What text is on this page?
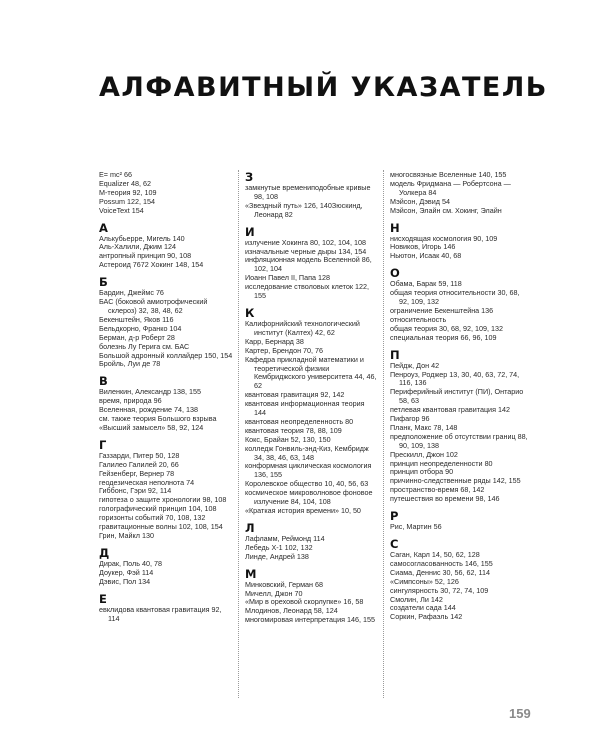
АЛФАВИТНЫЙ УКАЗАТЕЛЬ

E= mc² 66

Equalizer 48, 62

M-теория 92, 109

Possum 122, 154

VoiceText 154

А

Алькубьерре, Мигель 140

Аль-Халили, Джим 124

антропный принцип 90, 108

Астероид 7672 Хокинг 148, 154

Б

Бардин, Джеймс 76

БАС (боковой амиотрофический склероз) 32, 38, 48, 62

Бекенштейн, Яков 116

Бельдкорно, Франко 104

Берман, д-р Роберт 28

болезнь Лу Герига см. БАС

Большой адронный коллайдер 150, 154

Бройль, Луи де 78

В

Виленкин, Александр 138, 155

время, природа 96

Вселенная, рождение 74, 138

см. также теория Большого взрыва

«Высший замысел» 58, 92, 124

Г

Газзарди, Питер 50, 128

Галилео Галилей 20, 66

Гейзенберг, Вернер 78

геодезическая неполнота 74

Гиббонс, Гэри 92, 114

гипотеза о защите хронологии 98, 108

голографический принцип 104, 108

горизонты событий 70, 108, 132

гравитационные волны 102, 108, 154

Грин, Майкл 130

Д

Дирак, Поль 40, 78

Доукер, Фэй 114

Дэвис, Пол 134

Е

евклидова квантовая гравитация 92, 114

З

замкнутые времениподобные кривые 98, 108

«Звездный путь» 126, 140Зюскинд, Леонард 82

И

излучение Хокинга 80, 102, 104, 108

изначальные черные дыры 134, 154

инфляционная модель Вселенной 86, 102, 104

Иоанн Павел II, Папа 128

исследование стволовых клеток 122, 155

К

Калифорнийский технологический институт (Калтех) 42, 62

Карр, Бернард 38

Картер, Брендон 70, 76

Кафедра прикладной математики и теоретической физики Кембриджского университета 44, 46, 62

квантовая гравитация 92, 142

квантовая информационная теория 144

квантовая неопределенность 80

квантовая теория 78, 88, 109

Кокс, Брайан 52, 130, 150

колледж Гонвиль-энд-Киз, Кембридж 34, 38, 46, 63, 148

конформная циклическая космология 136, 155

Королевское общество 10, 40, 56, 63

космическое микроволновое фоновое излучение 84, 104, 108

«Краткая история времени» 10, 50

Л

Лафламм, Реймонд 114

Лебедь X-1 102, 132

Линде, Андрей 138

М

Минковский, Герман 68

Мичелл, Джон 70

«Мир в ореховой скорлупке» 16, 58

Млодинов, Леонард 58, 124

многомировая интерпретация 146, 155

многосвязные Вселенные 140, 155

модель Фридмана — Робертсона — Уолкера 84

Мэйсон, Дэвид 54

Мэйсон, Элайн см. Хокинг, Элайн

Н

нисходящая космология 90, 109

Новиков, Игорь 146

Ньютон, Исаак 40, 68

О

Обама, Барак 59, 118

общая теория относительности 30, 68, 92, 109, 132

ограничение Бекенштейна 136

относительность

общая теория 30, 68, 92, 109, 132

специальная теория 66, 96, 109

П

Пейдж, Дон 42

Пенроуз, Роджер 13, 30, 40, 63, 72, 74, 116, 136

Периферийный институт (ПИ), Онтарио 58, 63

петлевая квантовая гравитация 142

Пифагор 96

Планк, Макс 78, 148

предположение об отсутствии границ 88, 90, 109, 138

Прескилл, Джон 102

принцип неопределенности 80

принцип отбора 90

причинно-следственные ряды 142, 155

пространство-время 68, 142

путешествия во времени 98, 146

Р

Рис, Мартин 56

С

Саган, Карл 14, 50, 62, 128

самосогласованность 146, 155

Сиама, Деннис 30, 56, 62, 114

«Симпсоны» 52, 126

сингулярность 30, 72, 74, 109

Смолин, Ли 142

создатели сада 144

Соркин, Рафаэль 142

159
